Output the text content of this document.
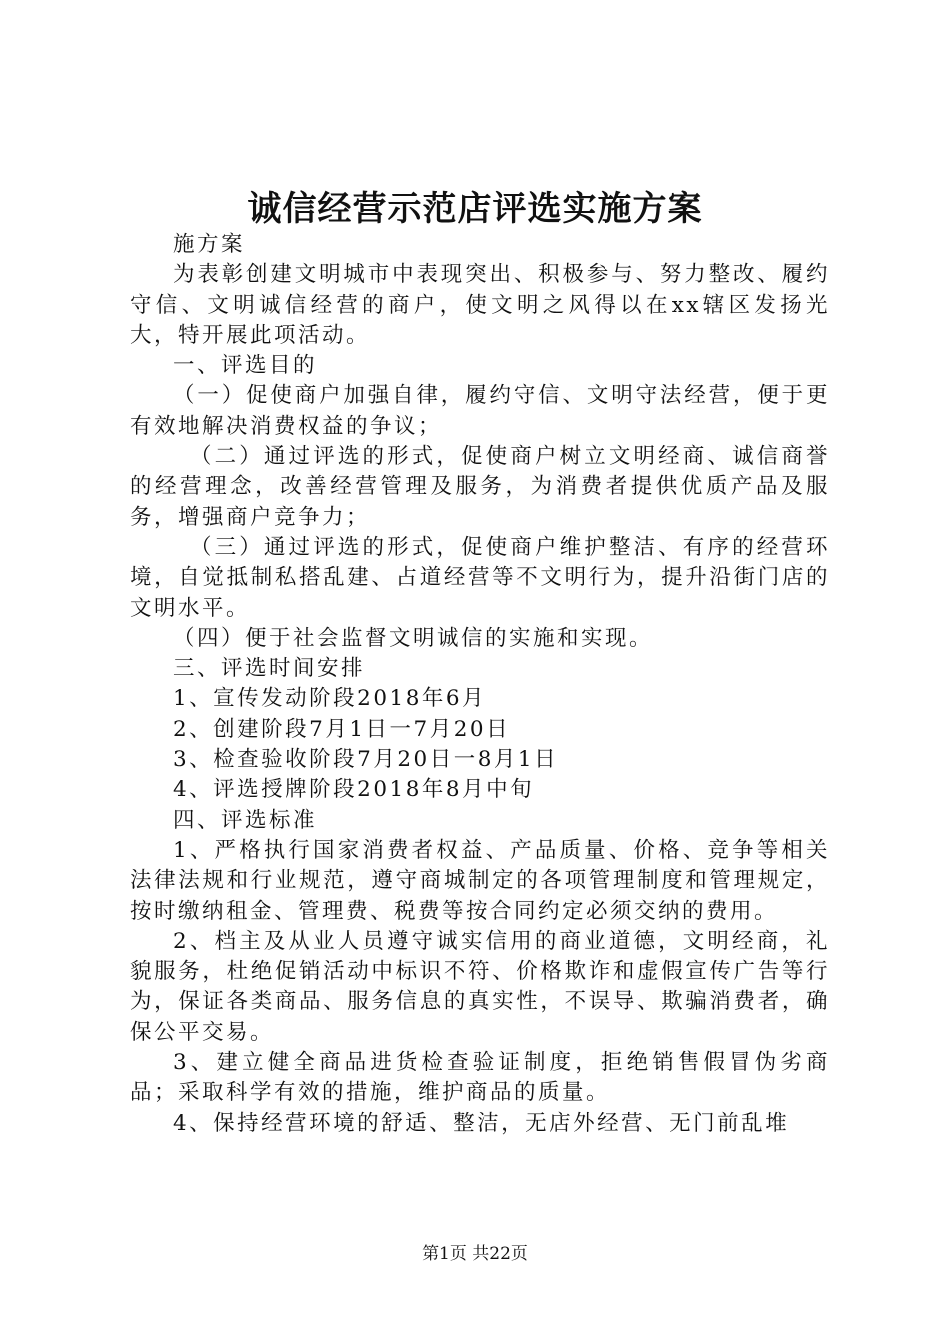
诚信经营示范店评选实施方案

施方案

为表彰创建文明城市中表现突出、积极参与、努力整改、履约守信、文明诚信经营的商户，使文明之风得以在xx辖区发扬光大，特开展此项活动。

一、评选目的

（一）促使商户加强自律，履约守信、文明守法经营，便于更有效地解决消费权益的争议；

（二）通过评选的形式，促使商户树立文明经商、诚信商誉的经营理念，改善经营管理及服务，为消费者提供优质产品及服务，增强商户竞争力；

（三）通过评选的形式，促使商户维护整洁、有序的经营环境，自觉抵制私搭乱建、占道经营等不文明行为，提升沿街门店的文明水平。

（四）便于社会监督文明诚信的实施和实现。

三、评选时间安排

1、宣传发动阶段2018年6月

2、创建阶段7月1日一7月20日

3、检查验收阶段7月20日一8月1日

4、评选授牌阶段2018年8月中旬

四、评选标准

1、严格执行国家消费者权益、产品质量、价格、竞争等相关法律法规和行业规范，遵守商城制定的各项管理制度和管理规定，按时缴纳租金、管理费、税费等按合同约定必须交纳的费用。

2、档主及从业人员遵守诚实信用的商业道德，文明经商，礼貌服务，杜绝促销活动中标识不符、价格欺诈和虚假宣传广告等行为，保证各类商品、服务信息的真实性，不误导、欺骗消费者，确保公平交易。

3、建立健全商品进货检查验证制度，拒绝销售假冒伪劣商品；采取科学有效的措施，维护商品的质量。

4、保持经营环境的舒适、整洁，无店外经营、无门前乱堆

第1页 共22页
